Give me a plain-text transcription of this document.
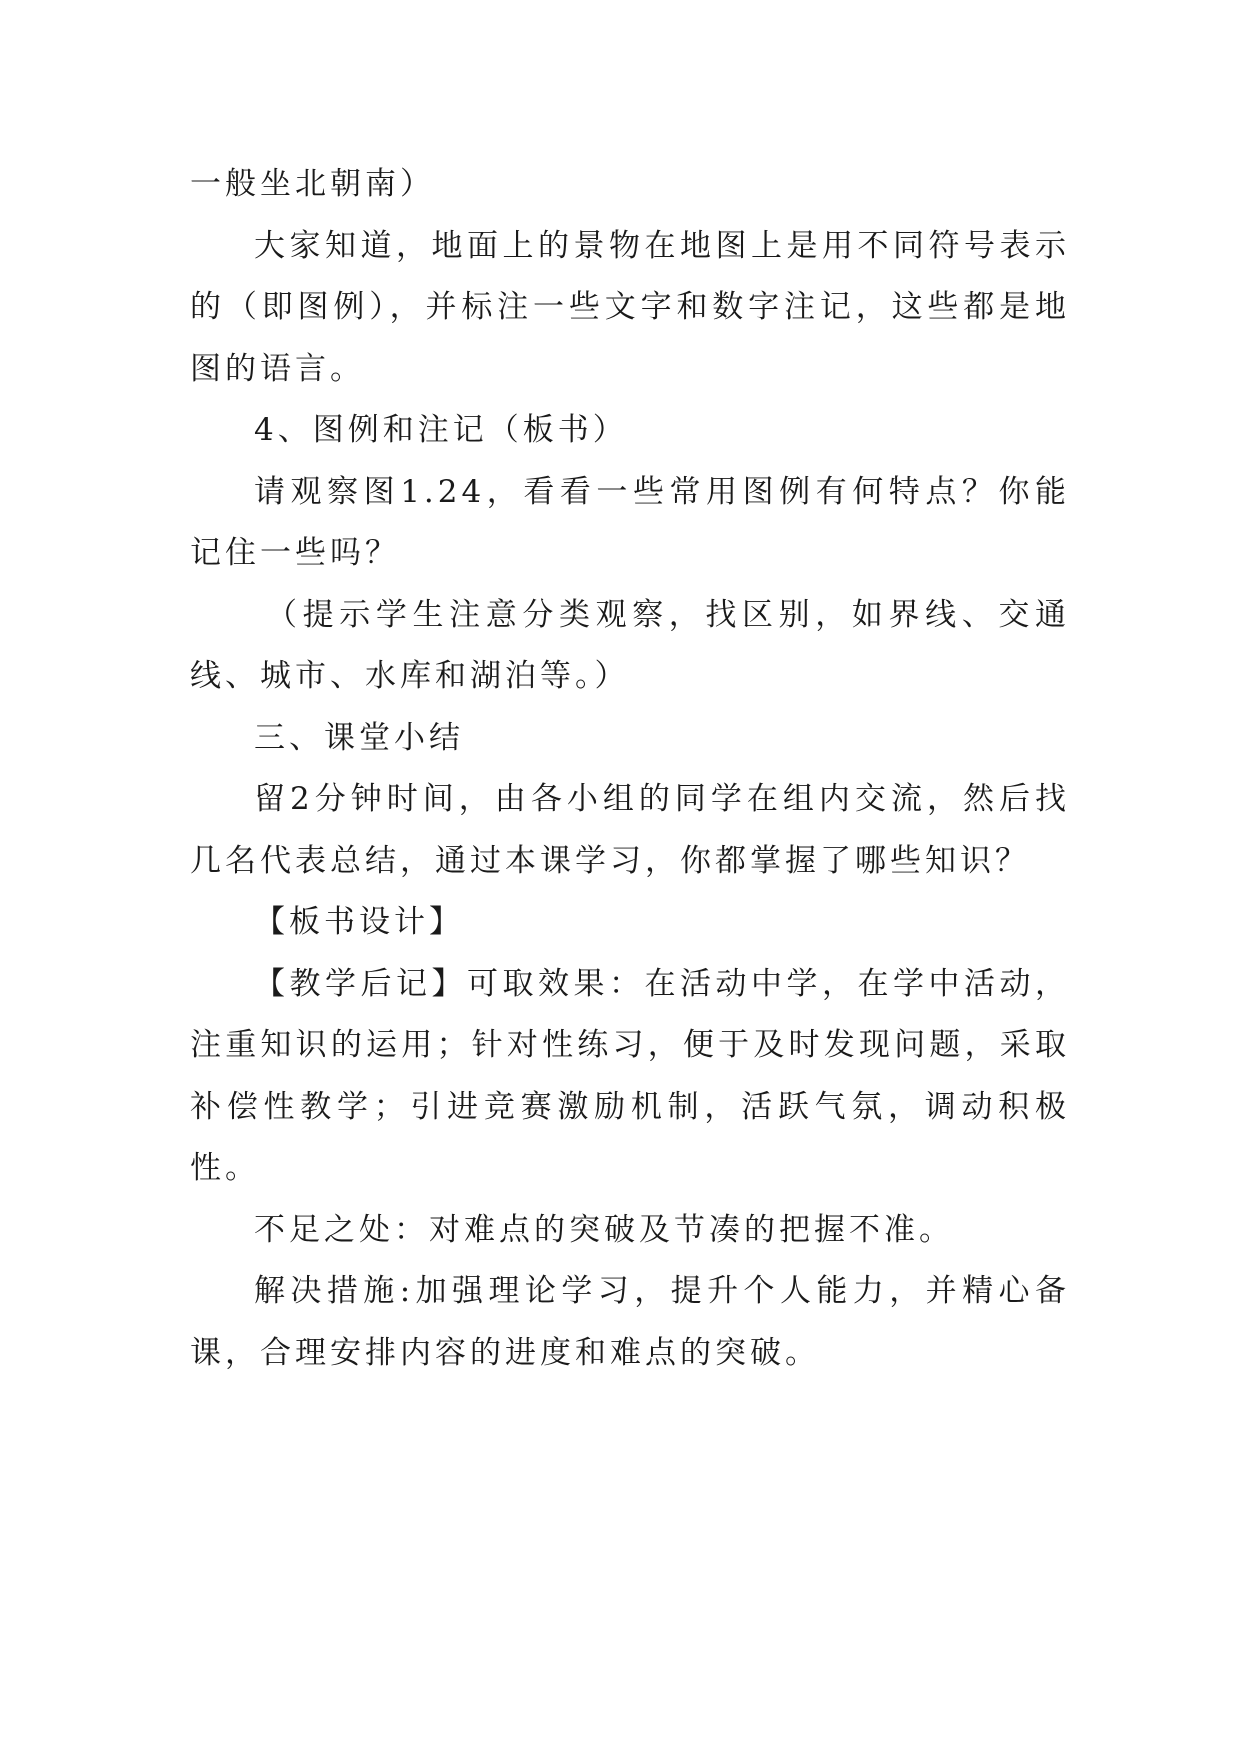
一般坐北朝南）

大家知道，地面上的景物在地图上是用不同符号表示的（即图例），并标注一些文字和数字注记，这些都是地图的语言。

4、图例和注记（板书）

请观察图1.24，看看一些常用图例有何特点？你能记住一些吗？

（提示学生注意分类观察，找区别，如界线、交通线、城市、水库和湖泊等。）

三、课堂小结

留2分钟时间，由各小组的同学在组内交流，然后找几名代表总结，通过本课学习，你都掌握了哪些知识？

【板书设计】

【教学后记】可取效果：在活动中学，在学中活动，注重知识的运用；针对性练习，便于及时发现问题，采取补偿性教学；引进竞赛激励机制，活跃气氛，调动积极性。

不足之处：对难点的突破及节凑的把握不准。

解决措施:加强理论学习，提升个人能力，并精心备课，合理安排内容的进度和难点的突破。
